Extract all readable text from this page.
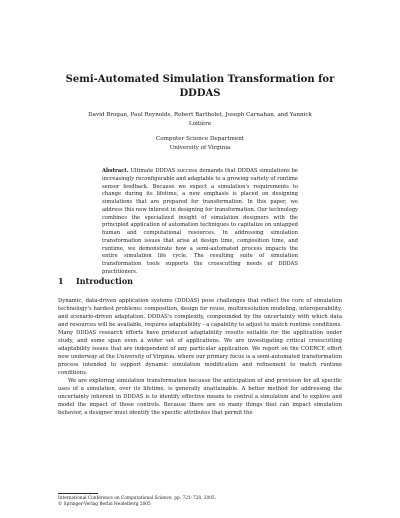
Semi-Automated Simulation Transformation for DDDAS
David Brogan, Paul Reynolds, Robert Bartholet, Joseph Carnahan, and Yannick Loitière
Computer Science Department
University of Virginia
Abstract. Ultimate DDDAS success demands that DDDAS simulations be increasingly reconfigurable and adaptable to a growing variety of runtime sensor feedback. Because we expect a simulation's requirements to change during its lifetime, a new emphasis is placed on designing simulations that are prepared for transformation. In this paper, we address this new interest in designing for transformation. Our technology combines the specialized insight of simulation designers with the principled application of automation techniques to capitalize on untapped human and computational resources. In addressing simulation transformation issues that arise at design time, composition time, and runtime, we demonstrate how a semi-automated process impacts the entire simulation life cycle. The resulting suite of simulation transformation tools supports the crosscutting needs of DDDAS practitioners.
1 Introduction

Dynamic, data-driven application systems (DDDAS) pose challenges that reflect the core of simulation technology's hardest problems: composition, design for reuse, multiresolution modeling, interoperability, and scenario-driven adaptation. DDDAS's complexity, compounded by the uncertainty with which data and resources will be available, requires adaptability - a capability to adjust to match runtime conditions. Many DDDAS research efforts have produced adaptability results suitable for the application under study, and some span even a wider set of applications. We are investigating critical crosscutting adaptability issues that are independent of any particular application. We report on the COERCE effort now underway at the University of Virginia, where our primary focus is a semi-automated transformation process intended to support dynamic simulation modification and refinement to match runtime conditions.

We are exploring simulation transformation because the anticipation of and provision for all specific uses of a simulation, over its lifetime, is generally unattainable. A better method for addressing the uncertainty inherent in DDDAS is to identify effective means to control a simulation and to explore and model the impact of those controls. Because there are so many things that can impact simulation behavior, a designer must identify the specific attributes that permit the

International Conference on Computational Science, pp. 721–728, 2005.
© Springer-Verlag Berlin Heidelberg 2005
